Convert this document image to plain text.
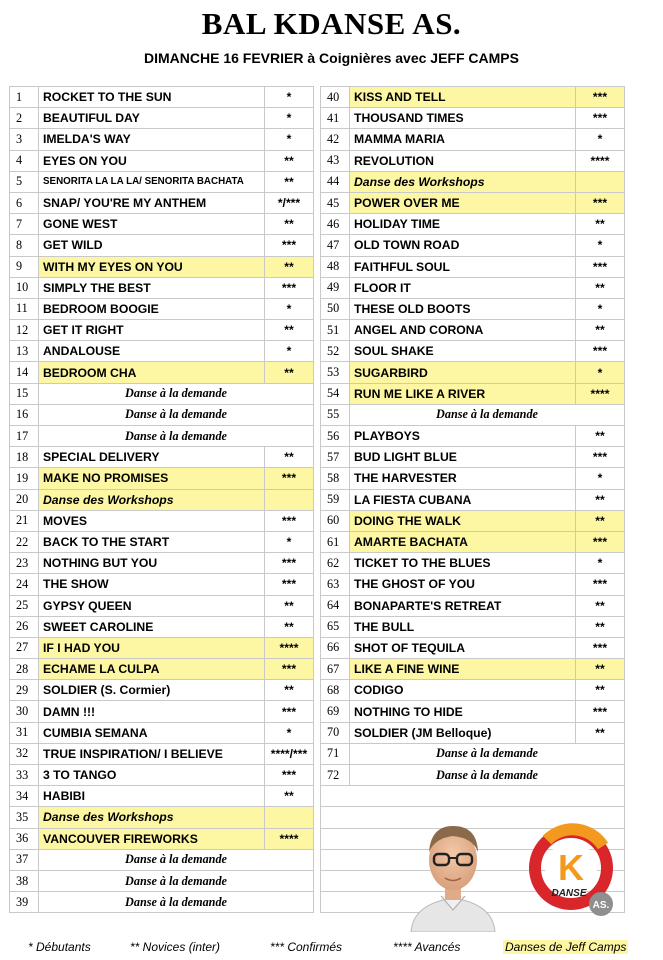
BAL KDANSE AS.
DIMANCHE 16 FEVRIER à Coignières avec JEFF CAMPS
1	ROCKET TO THE SUN	*		40	KISS AND TELL	***
2	BEAUTIFUL DAY	*		41	THOUSAND TIMES	***
3	IMELDA'S WAY	*		42	MAMMA MARIA	*
4	EYES ON YOU	**		43	REVOLUTION	****
5	SENORITA LA LA LA/ SENORITA BACHATA	**		44	Danse des Workshops	
6	SNAP/ YOU'RE MY ANTHEM	*/***		45	POWER OVER ME	***
7	GONE WEST	**		46	HOLIDAY TIME	**
8	GET WILD	***		47	OLD TOWN ROAD	*
9	WITH MY EYES ON YOU	**		48	FAITHFUL SOUL	***
10	SIMPLY THE BEST	***		49	FLOOR IT	**
11	BEDROOM BOOGIE	*		50	THESE OLD BOOTS	*
12	GET IT RIGHT	**		51	ANGEL AND CORONA	**
13	ANDALOUSE	*		52	SOUL SHAKE	***
14	BEDROOM CHA	**		53	SUGARBIRD	*
15	Danse à la demande			54	RUN ME LIKE A RIVER	****
16	Danse à la demande			55	Danse à la demande	
17	Danse à la demande			56	PLAYBOYS	**
18	SPECIAL DELIVERY	**		57	BUD LIGHT BLUE	***
19	MAKE NO PROMISES	***		58	THE HARVESTER	*
20	Danse des Workshops			59	LA FIESTA CUBANA	**
21	MOVES	***		60	DOING THE WALK	**
22	BACK TO THE START	*		61	AMARTE BACHATA	***
23	NOTHING BUT YOU	***		62	TICKET TO THE BLUES	*
24	THE SHOW	***		63	THE GHOST OF YOU	***
25	GYPSY QUEEN	**		64	BONAPARTE'S RETREAT	**
26	SWEET CAROLINE	**		65	THE BULL	**
27	IF I HAD YOU	****		66	SHOT OF TEQUILA	***
28	ECHAME LA CULPA	***		67	LIKE A FINE WINE	**
29	SOLDIER (S. Cormier)	**		68	CODIGO	**
30	DAMN !!!	***		69	NOTHING TO HIDE	***
31	CUMBIA SEMANA	*		70	SOLDIER (JM Belloque)	**
32	TRUE INSPIRATION/ I BELIEVE	****/***		71	Danse à la demande	
33	3 TO TANGO	***		72	Danse à la demande	
34	HABIBI	**				
35	Danse des Workshops					
36	VANCOUVER FIREWORKS	****				
37	Danse à la demande					
38	Danse à la demande					
39	Danse à la demande					
K
DANSE
AS.
* Débutants	** Novices (inter)	*** Confirmés	**** Avancés	Danses de Jeff Camps
